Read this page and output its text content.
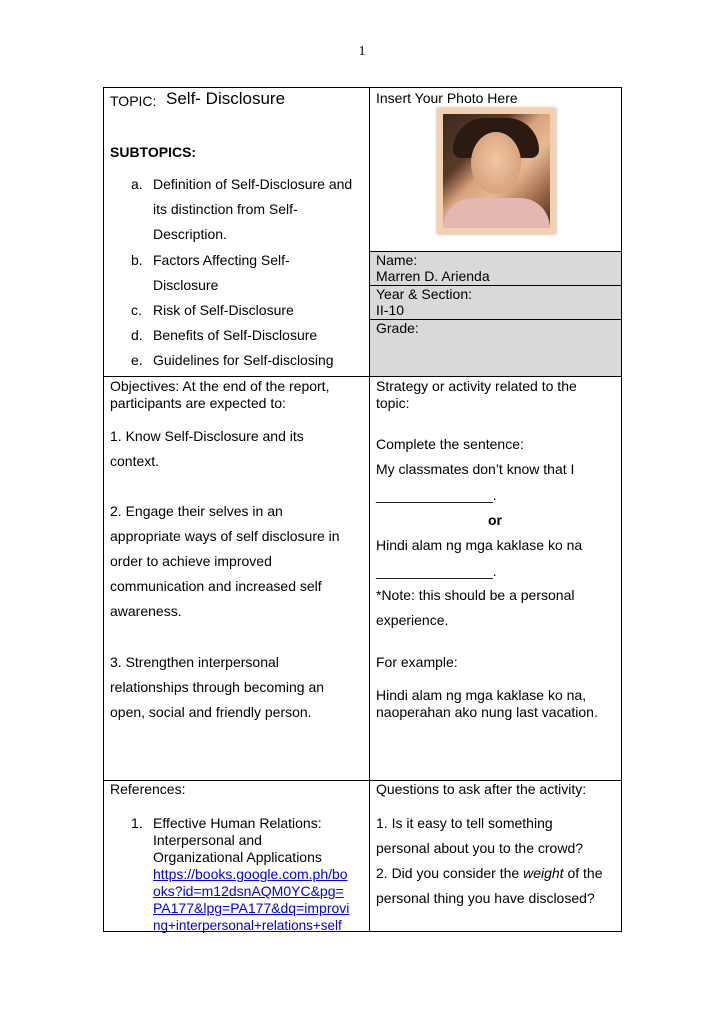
1
TOPIC: Self- Disclosure
SUBTOPICS:
a. Definition of Self-Disclosure and
its distinction from Self-
Description.
b. Factors Affecting Self-
Disclosure
c. Risk of Self-Disclosure
d. Benefits of Self-Disclosure
e. Guidelines for Self-disclosing
Insert Your Photo Here
Name:
Marren D. Arienda
Year & Section:
II-10
Grade:
Objectives: At the end of the report,
participants are expected to:
1. Know Self-Disclosure and its
context.
2. Engage their selves in an
appropriate ways of self disclosure in
order to achieve improved
communication and increased self
awareness.
3. Strengthen interpersonal
relationships through becoming an
open, social and friendly person.
Strategy or activity related to the
topic:
Complete the sentence:
My classmates don’t know that I
_______________.
or
Hindi alam ng mga kaklase ko na
_______________.
*Note: this should be a personal
experience.
For example:
Hindi alam ng mga kaklase ko na,
naoperahan ako nung last vacation.
References:
1. Effective Human Relations:
Interpersonal and
Organizational Applications
https://books.google.com.ph/bo
oks?id=m12dsnAQM0YC&pg=
PA177&lpg=PA177&dq=improvi
ng+interpersonal+relations+self
Questions to ask after the activity:
1. Is it easy to tell something
personal about you to the crowd?
2. Did you consider the weight of the
personal thing you have disclosed?
